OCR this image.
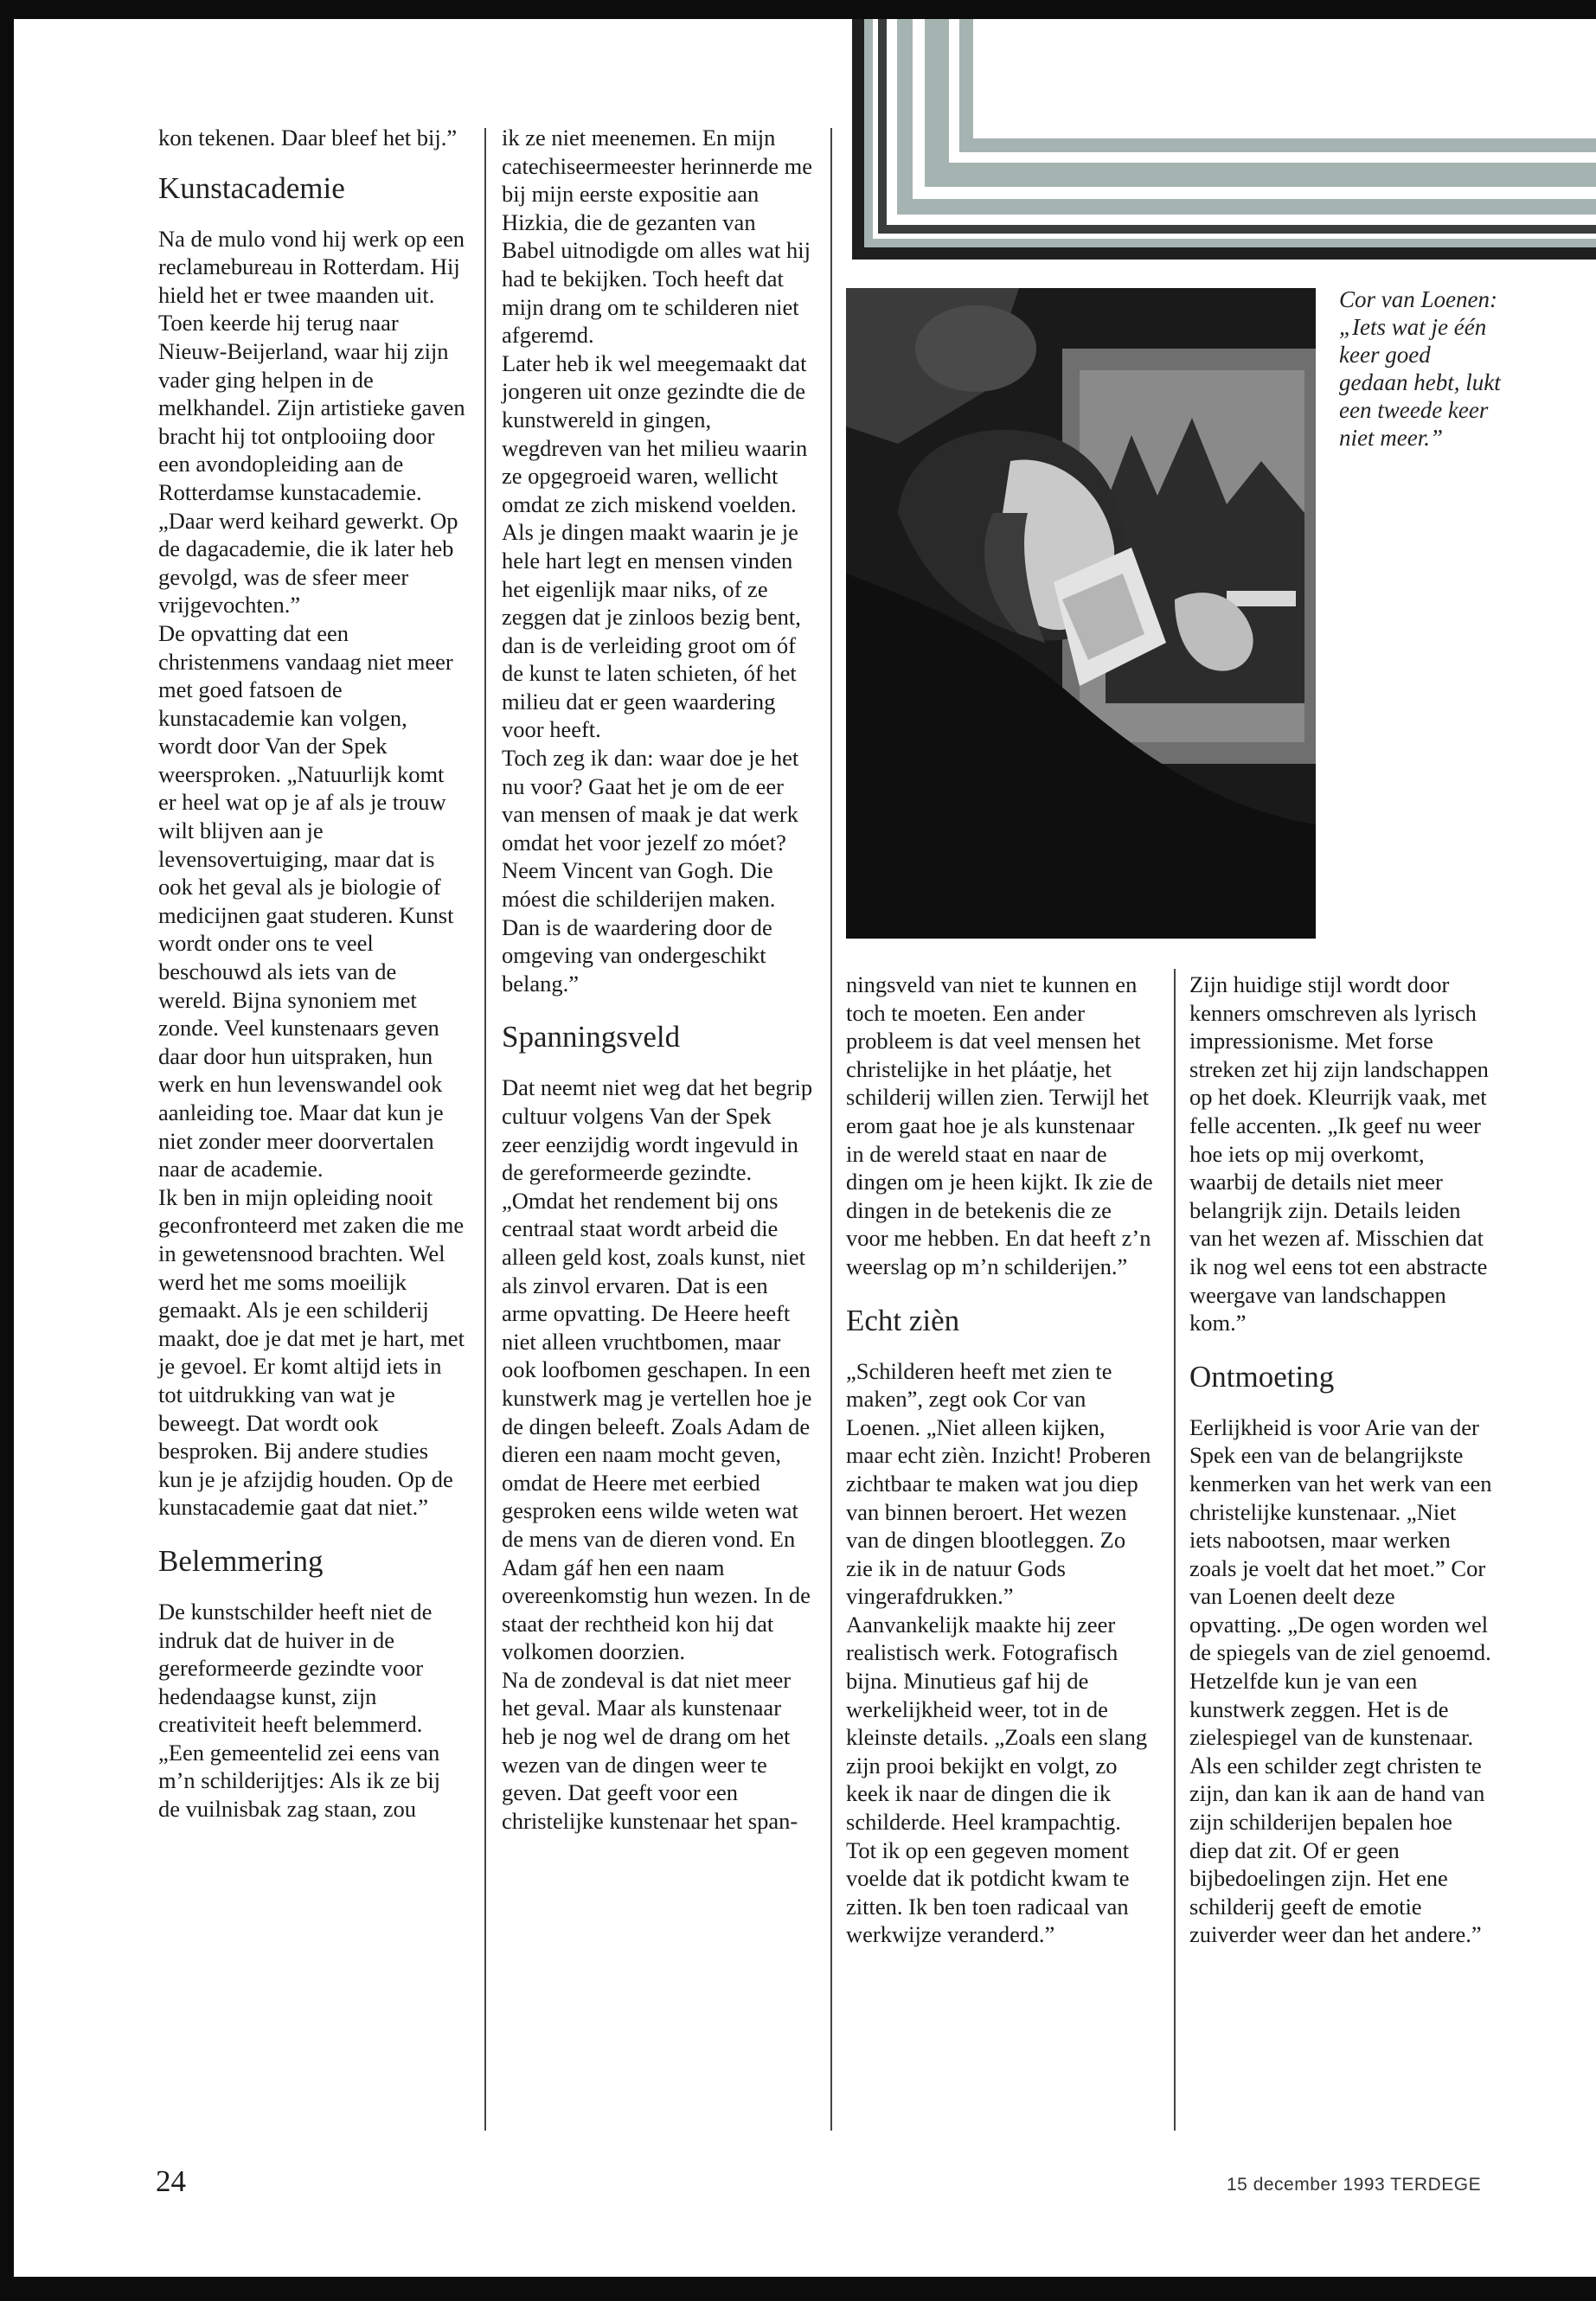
Cor van Loenen: „Iets wat je één keer goed gedaan hebt, lukt een tweede keer niet meer.”

kon tekenen. Daar bleef het bij.”

Kunstacademie

Na de mulo vond hij werk op een reclamebureau in Rotterdam. Hij hield het er twee maanden uit. Toen keerde hij terug naar Nieuw-Beijerland, waar hij zijn vader ging helpen in de melkhandel. Zijn artistieke gaven bracht hij tot ontplooiing door een avondopleiding aan de Rotterdamse kunstacademie. „Daar werd keihard gewerkt. Op de dagacademie, die ik later heb gevolgd, was de sfeer meer vrijgevochten.”

De opvatting dat een christenmens vandaag niet meer met goed fatsoen de kunstacademie kan volgen, wordt door Van der Spek weersproken. „Natuurlijk komt er heel wat op je af als je trouw wilt blijven aan je levensovertuiging, maar dat is ook het geval als je biologie of medicijnen gaat studeren. Kunst wordt onder ons te veel beschouwd als iets van de wereld. Bijna synoniem met zonde. Veel kunstenaars geven daar door hun uitspraken, hun werk en hun levenswandel ook aanleiding toe. Maar dat kun je niet zonder meer doorvertalen naar de academie.

Ik ben in mijn opleiding nooit geconfronteerd met zaken die me in gewetensnood brachten. Wel werd het me soms moeilijk gemaakt. Als je een schilderij maakt, doe je dat met je hart, met je gevoel. Er komt altijd iets in tot uitdrukking van wat je beweegt. Dat wordt ook besproken. Bij andere studies kun je je afzijdig houden. Op de kunstacademie gaat dat niet.”

Belemmering

De kunstschilder heeft niet de indruk dat de huiver in de gereformeerde gezindte voor hedendaagse kunst, zijn creativiteit heeft belemmerd. „Een gemeentelid zei eens van m’n schilderijtjes: Als ik ze bij de vuilnisbak zag staan, zou

ik ze niet meenemen. En mijn catechiseermeester herinnerde me bij mijn eerste expositie aan Hizkia, die de gezanten van Babel uitnodigde om alles wat hij had te bekijken. Toch heeft dat mijn drang om te schilderen niet afgeremd.

Later heb ik wel meegemaakt dat jongeren uit onze gezindte die de kunstwereld in gingen, wegdreven van het milieu waarin ze opgegroeid waren, wellicht omdat ze zich miskend voelden. Als je dingen maakt waarin je je hele hart legt en mensen vinden het eigenlijk maar niks, of ze zeggen dat je zinloos bezig bent, dan is de verleiding groot om óf de kunst te laten schieten, óf het milieu dat er geen waardering voor heeft.

Toch zeg ik dan: waar doe je het nu voor? Gaat het je om de eer van mensen of maak je dat werk omdat het voor jezelf zo móet? Neem Vincent van Gogh. Die móest die schilderijen maken. Dan is de waardering door de omgeving van ondergeschikt belang.”

Spanningsveld

Dat neemt niet weg dat het begrip cultuur volgens Van der Spek zeer eenzijdig wordt ingevuld in de gereformeerde gezindte. „Omdat het rendement bij ons centraal staat wordt arbeid die alleen geld kost, zoals kunst, niet als zinvol ervaren. Dat is een arme opvatting. De Heere heeft niet alleen vruchtbomen, maar ook loofbomen geschapen. In een kunstwerk mag je vertellen hoe je de dingen beleeft. Zoals Adam de dieren een naam mocht geven, omdat de Heere met eerbied gesproken eens wilde weten wat de mens van de dieren vond. En Adam gáf hen een naam overeenkomstig hun wezen. In de staat der rechtheid kon hij dat volkomen doorzien.

Na de zondeval is dat niet meer het geval. Maar als kunstenaar heb je nog wel de drang om het wezen van de dingen weer te geven. Dat geeft voor een christelijke kunstenaar het span-

ningsveld van niet te kunnen en toch te moeten. Een ander probleem is dat veel mensen het christelijke in het pláatje, het schilderij willen zien. Terwijl het erom gaat hoe je als kunstenaar in de wereld staat en naar de dingen om je heen kijkt. Ik zie de dingen in de betekenis die ze voor me hebben. En dat heeft z’n weerslag op m’n schilderijen.”

Echt zièn

„Schilderen heeft met zien te maken”, zegt ook Cor van Loenen. „Niet alleen kijken, maar echt zièn. Inzicht! Proberen zichtbaar te maken wat jou diep van binnen beroert. Het wezen van de dingen blootleggen. Zo zie ik in de natuur Gods vingerafdrukken.”

Aanvankelijk maakte hij zeer realistisch werk. Fotografisch bijna. Minutieus gaf hij de werkelijkheid weer, tot in de kleinste details. „Zoals een slang zijn prooi bekijkt en volgt, zo keek ik naar de dingen die ik schilderde. Heel krampachtig. Tot ik op een gegeven moment voelde dat ik potdicht kwam te zitten. Ik ben toen radicaal van werkwijze veranderd.”

Zijn huidige stijl wordt door kenners omschreven als lyrisch impressionisme. Met forse streken zet hij zijn landschappen op het doek. Kleurrijk vaak, met felle accenten. „Ik geef nu weer hoe iets op mij overkomt, waarbij de details niet meer belangrijk zijn. Details leiden van het wezen af. Misschien dat ik nog wel eens tot een abstracte weergave van landschappen kom.”

Ontmoeting

Eerlijkheid is voor Arie van der Spek een van de belangrijkste kenmerken van het werk van een christelijke kunstenaar. „Niet iets nabootsen, maar werken zoals je voelt dat het moet.” Cor van Loenen deelt deze opvatting. „De ogen worden wel de spiegels van de ziel genoemd. Hetzelfde kun je van een kunstwerk zeggen. Het is de zielespiegel van de kunstenaar. Als een schilder zegt christen te zijn, dan kan ik aan de hand van zijn schilderijen bepalen hoe diep dat zit. Of er geen bijbedoelingen zijn. Het ene schilderij geeft de emotie zuiverder weer dan het andere.”

24	15 december 1993 TERDEGE
